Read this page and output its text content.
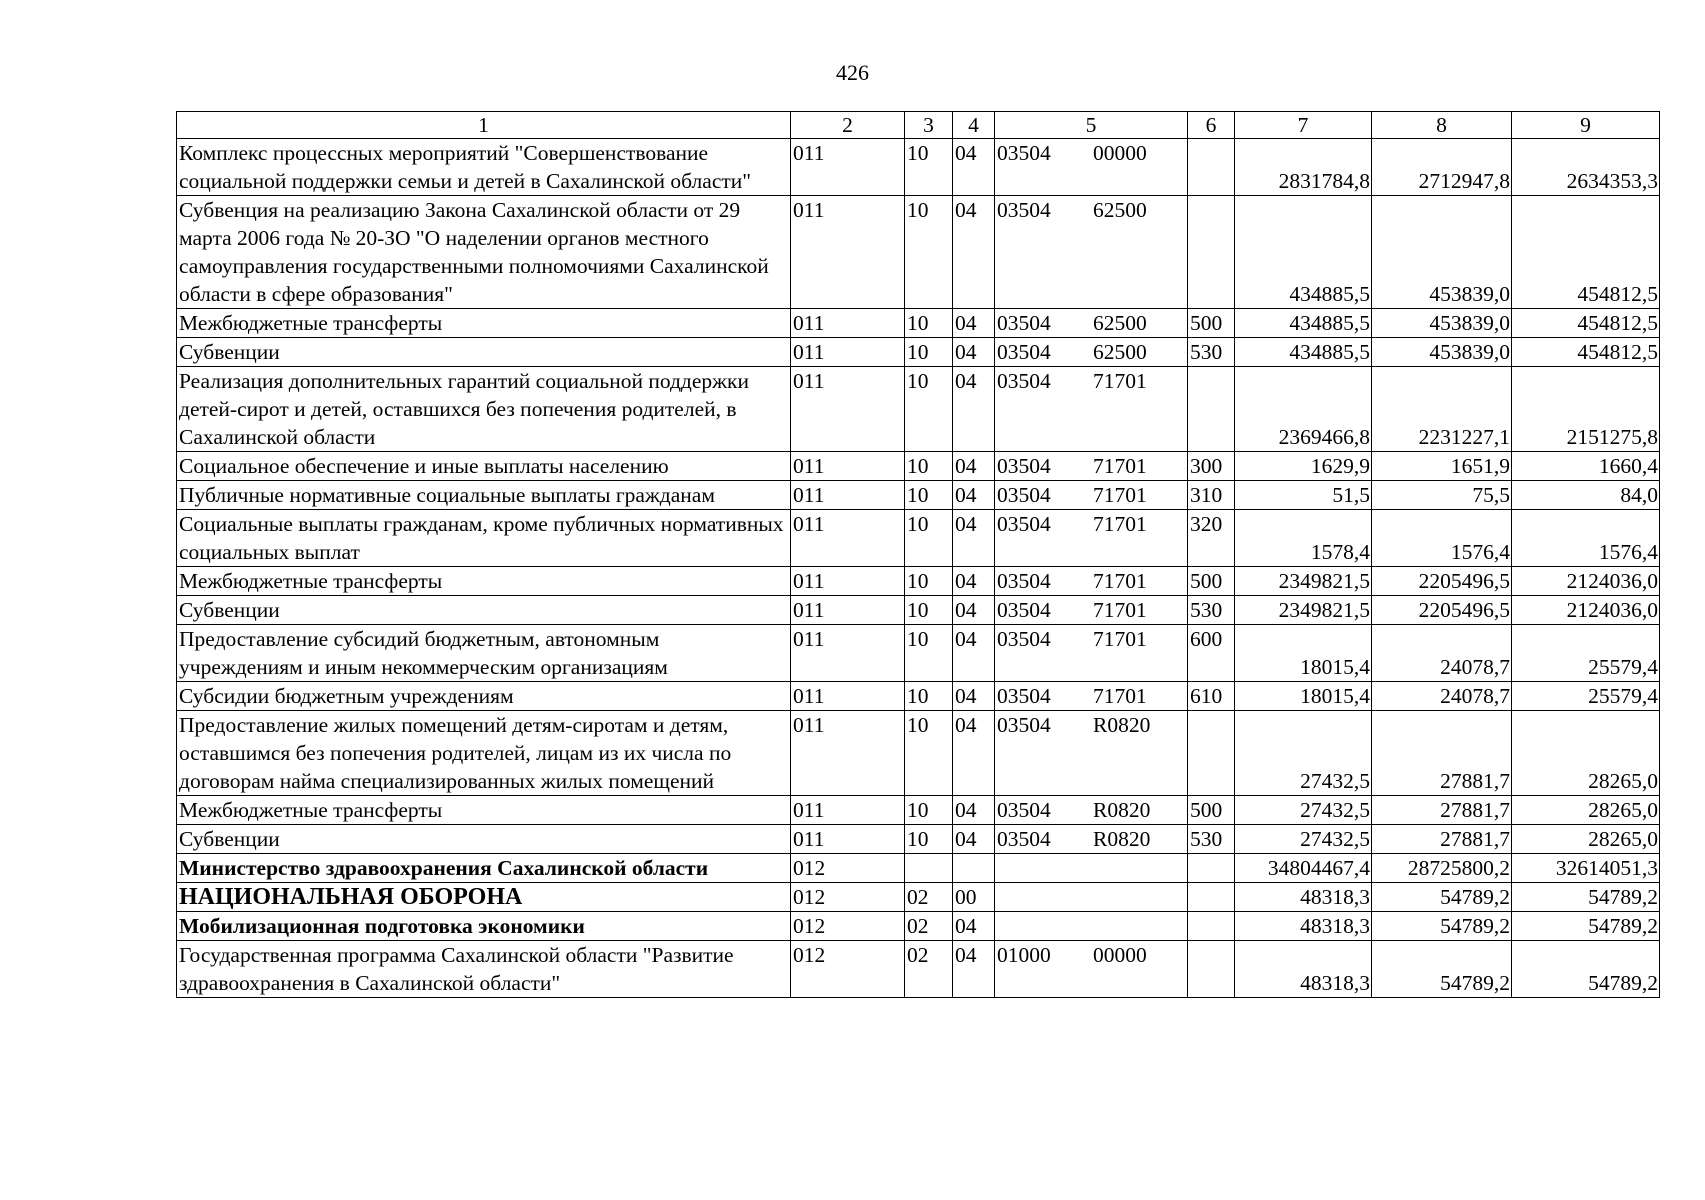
426
1	2	3	4	5	6	7	8	9
Комплекс процессных мероприятий "Совершенствование социальной поддержки семьи и детей в Сахалинской области"	011	10	04	03504 00000		2831784,8	2712947,8	2634353,3
Субвенция на реализацию Закона Сахалинской области от 29 марта 2006 года № 20-ЗО "О наделении органов местного самоуправления государственными полномочиями Сахалинской области в сфере образования"	011	10	04	03504 62500		434885,5	453839,0	454812,5
Межбюджетные трансферты	011	10	04	03504 62500	500	434885,5	453839,0	454812,5
Субвенции	011	10	04	03504 62500	530	434885,5	453839,0	454812,5
Реализация дополнительных гарантий социальной поддержки детей-сирот и детей, оставшихся без попечения родителей, в Сахалинской области	011	10	04	03504 71701		2369466,8	2231227,1	2151275,8
Социальное обеспечение и иные выплаты населению	011	10	04	03504 71701	300	1629,9	1651,9	1660,4
Публичные нормативные социальные выплаты гражданам	011	10	04	03504 71701	310	51,5	75,5	84,0
Социальные выплаты гражданам, кроме публичных нормативных социальных выплат	011	10	04	03504 71701	320	1578,4	1576,4	1576,4
Межбюджетные трансферты	011	10	04	03504 71701	500	2349821,5	2205496,5	2124036,0
Субвенции	011	10	04	03504 71701	530	2349821,5	2205496,5	2124036,0
Предоставление субсидий бюджетным, автономным учреждениям и иным некоммерческим организациям	011	10	04	03504 71701	600	18015,4	24078,7	25579,4
Субсидии бюджетным учреждениям	011	10	04	03504 71701	610	18015,4	24078,7	25579,4
Предоставление жилых помещений детям-сиротам и детям, оставшимся без попечения родителей, лицам из их числа по договорам найма специализированных жилых помещений	011	10	04	03504 R0820		27432,5	27881,7	28265,0
Межбюджетные трансферты	011	10	04	03504 R0820	500	27432,5	27881,7	28265,0
Субвенции	011	10	04	03504 R0820	530	27432,5	27881,7	28265,0
Министерство здравоохранения Сахалинской области	012					34804467,4	28725800,2	32614051,3
НАЦИОНАЛЬНАЯ ОБОРОНА	012	02	00			48318,3	54789,2	54789,2
Мобилизационная подготовка экономики	012	02	04			48318,3	54789,2	54789,2
Государственная программа Сахалинской области "Развитие здравоохранения в Сахалинской области"	012	02	04	01000 00000		48318,3	54789,2	54789,2
